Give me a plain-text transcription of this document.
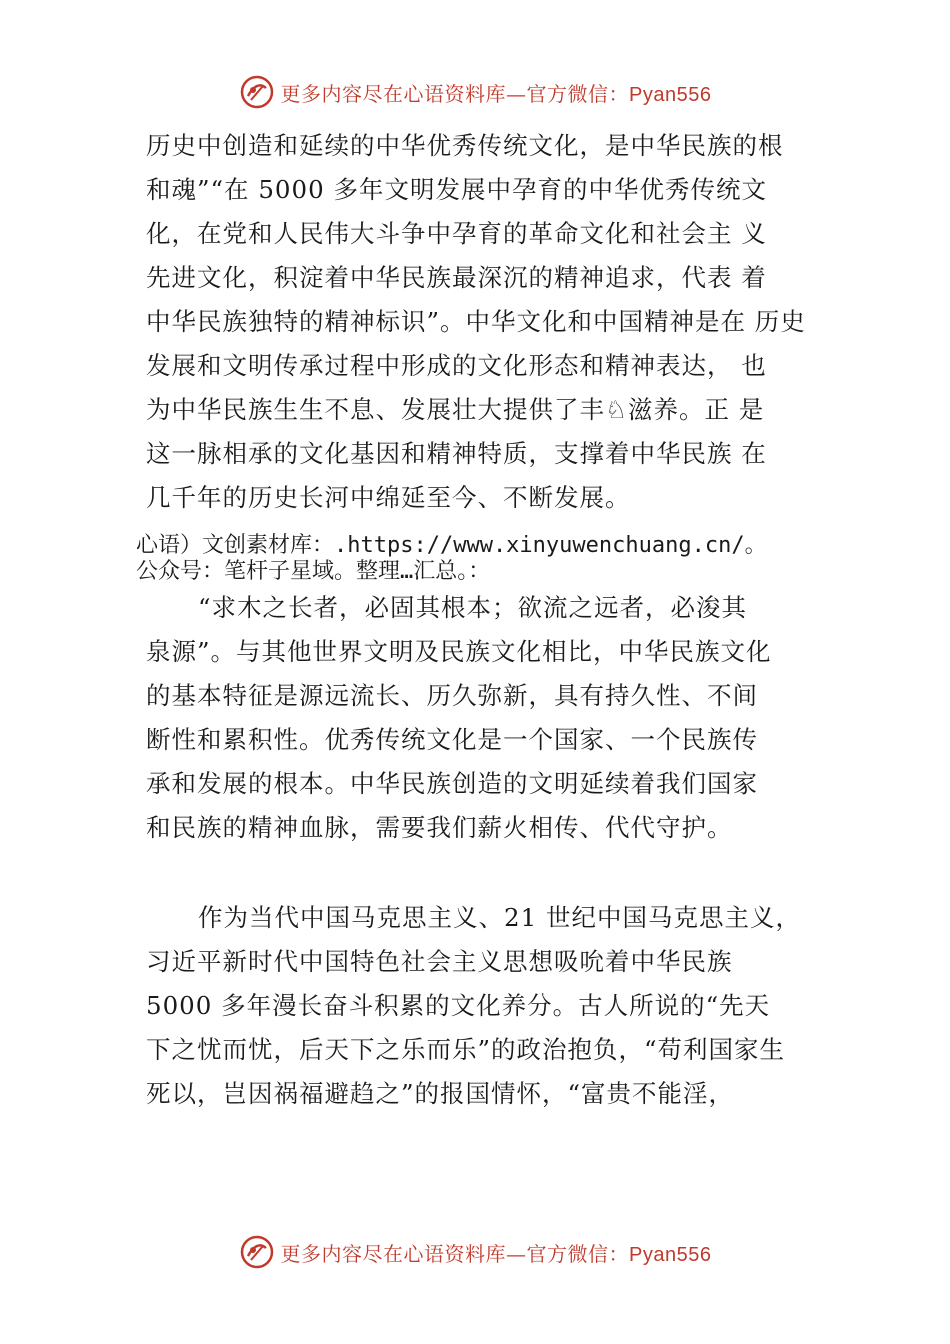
更多内容尽在心语资料库—官方微信：Pyan556
历史中创造和延续的中华优秀传统文化，是中华民族的根
和魂”“在 5000 多年文明发展中孕育的中华优秀传统文
化，在党和人民伟大斗争中孕育的革命文化和社会主 义
先进文化，积淀着中华民族最深沉的精神追求，代表 着
中华民族独特的精神标识”。中华文化和中国精神是在 历史
发展和文明传承过程中形成的文化形态和精神表达， 也
为中华民族生生不息、发展壮大提供了丰♘滋养。正 是
这一脉相承的文化基因和精神特质，支撑着中华民族 在
几千年的历史长河中绵延至今、不断发展。
心语）文创素材库：.https://www.xinyuwenchuang.cn/。
公众号：笔杆子星域。整理…汇总。：
“求木之长者，必固其根本；欲流之远者，必浚其
泉源”。与其他世界文明及民族文化相比，中华民族文化
的基本特征是源远流长、历久弥新，具有持久性、不间
断性和累积性。优秀传统文化是一个国家、一个民族传
承和发展的根本。中华民族创造的文明延续着我们国家
和民族的精神血脉，需要我们薪火相传、代代守护。
作为当代中国马克思主义、21 世纪中国马克思主义，
习近平新时代中国特色社会主义思想吸吮着中华民族
5000 多年漫长奋斗积累的文化养分。古人所说的“先天
下之忧而忧，后天下之乐而乐”的政治抱负，“苟利国家生
死以，岂因祸福避趋之”的报国情怀，“富贵不能淫，
更多内容尽在心语资料库—官方微信：Pyan556
